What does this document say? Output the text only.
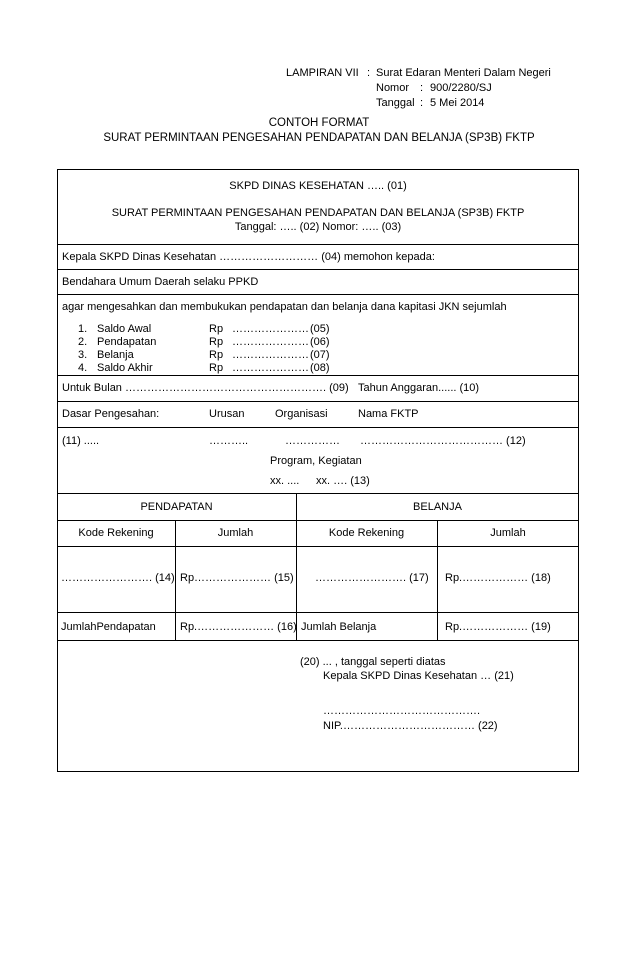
LAMPIRAN VII : Surat Edaran Menteri Dalam Negeri
Nomor : 900/2280/SJ
Tanggal : 5 Mei 2014
CONTOH FORMAT
SURAT PERMINTAAN PENGESAHAN PENDAPATAN DAN BELANJA (SP3B) FKTP
SKPD DINAS KESEHATAN ….. (01)
SURAT PERMINTAAN PENGESAHAN PENDAPATAN DAN BELANJA (SP3B) FKTP
Tanggal: ….. (02) Nomor: ….. (03)
Kepala SKPD Dinas Kesehatan ……………………… (04) memohon kepada:
Bendahara Umum Daerah selaku PPKD
agar mengesahkan dan membukukan pendapatan dan belanja dana kapitasi JKN sejumlah
1. Saldo Awal	Rp ………………… (05)
2. Pendapatan	Rp ………………… (06)
3. Belanja	Rp ………………… (07)
4. Saldo Akhir	Rp ………………… (08)
Untuk Bulan ………………………………………………. (09) Tahun Anggaran...... (10)
Dasar Pengesahan:	Urusan	Organisasi	Nama FKTP
(11) .....	………..	…………… ………………………………… (12)
Program, Kegiatan
xx. .... xx. …. (13)
PENDAPATAN	BELANJA
Kode Rekening	Jumlah	Kode Rekening	Jumlah
……………………. (14) Rp………………… (15) ……………………. (17) Rp.……………… (18)
JumlahPendapatan Rp.………………… (16) Jumlah Belanja	Rp.……………… (19)
(20) ... , tanggal seperti diatas
Kepala SKPD Dinas Kesehatan … (21)
…………………………………….
NIP.……………………………… (22)
